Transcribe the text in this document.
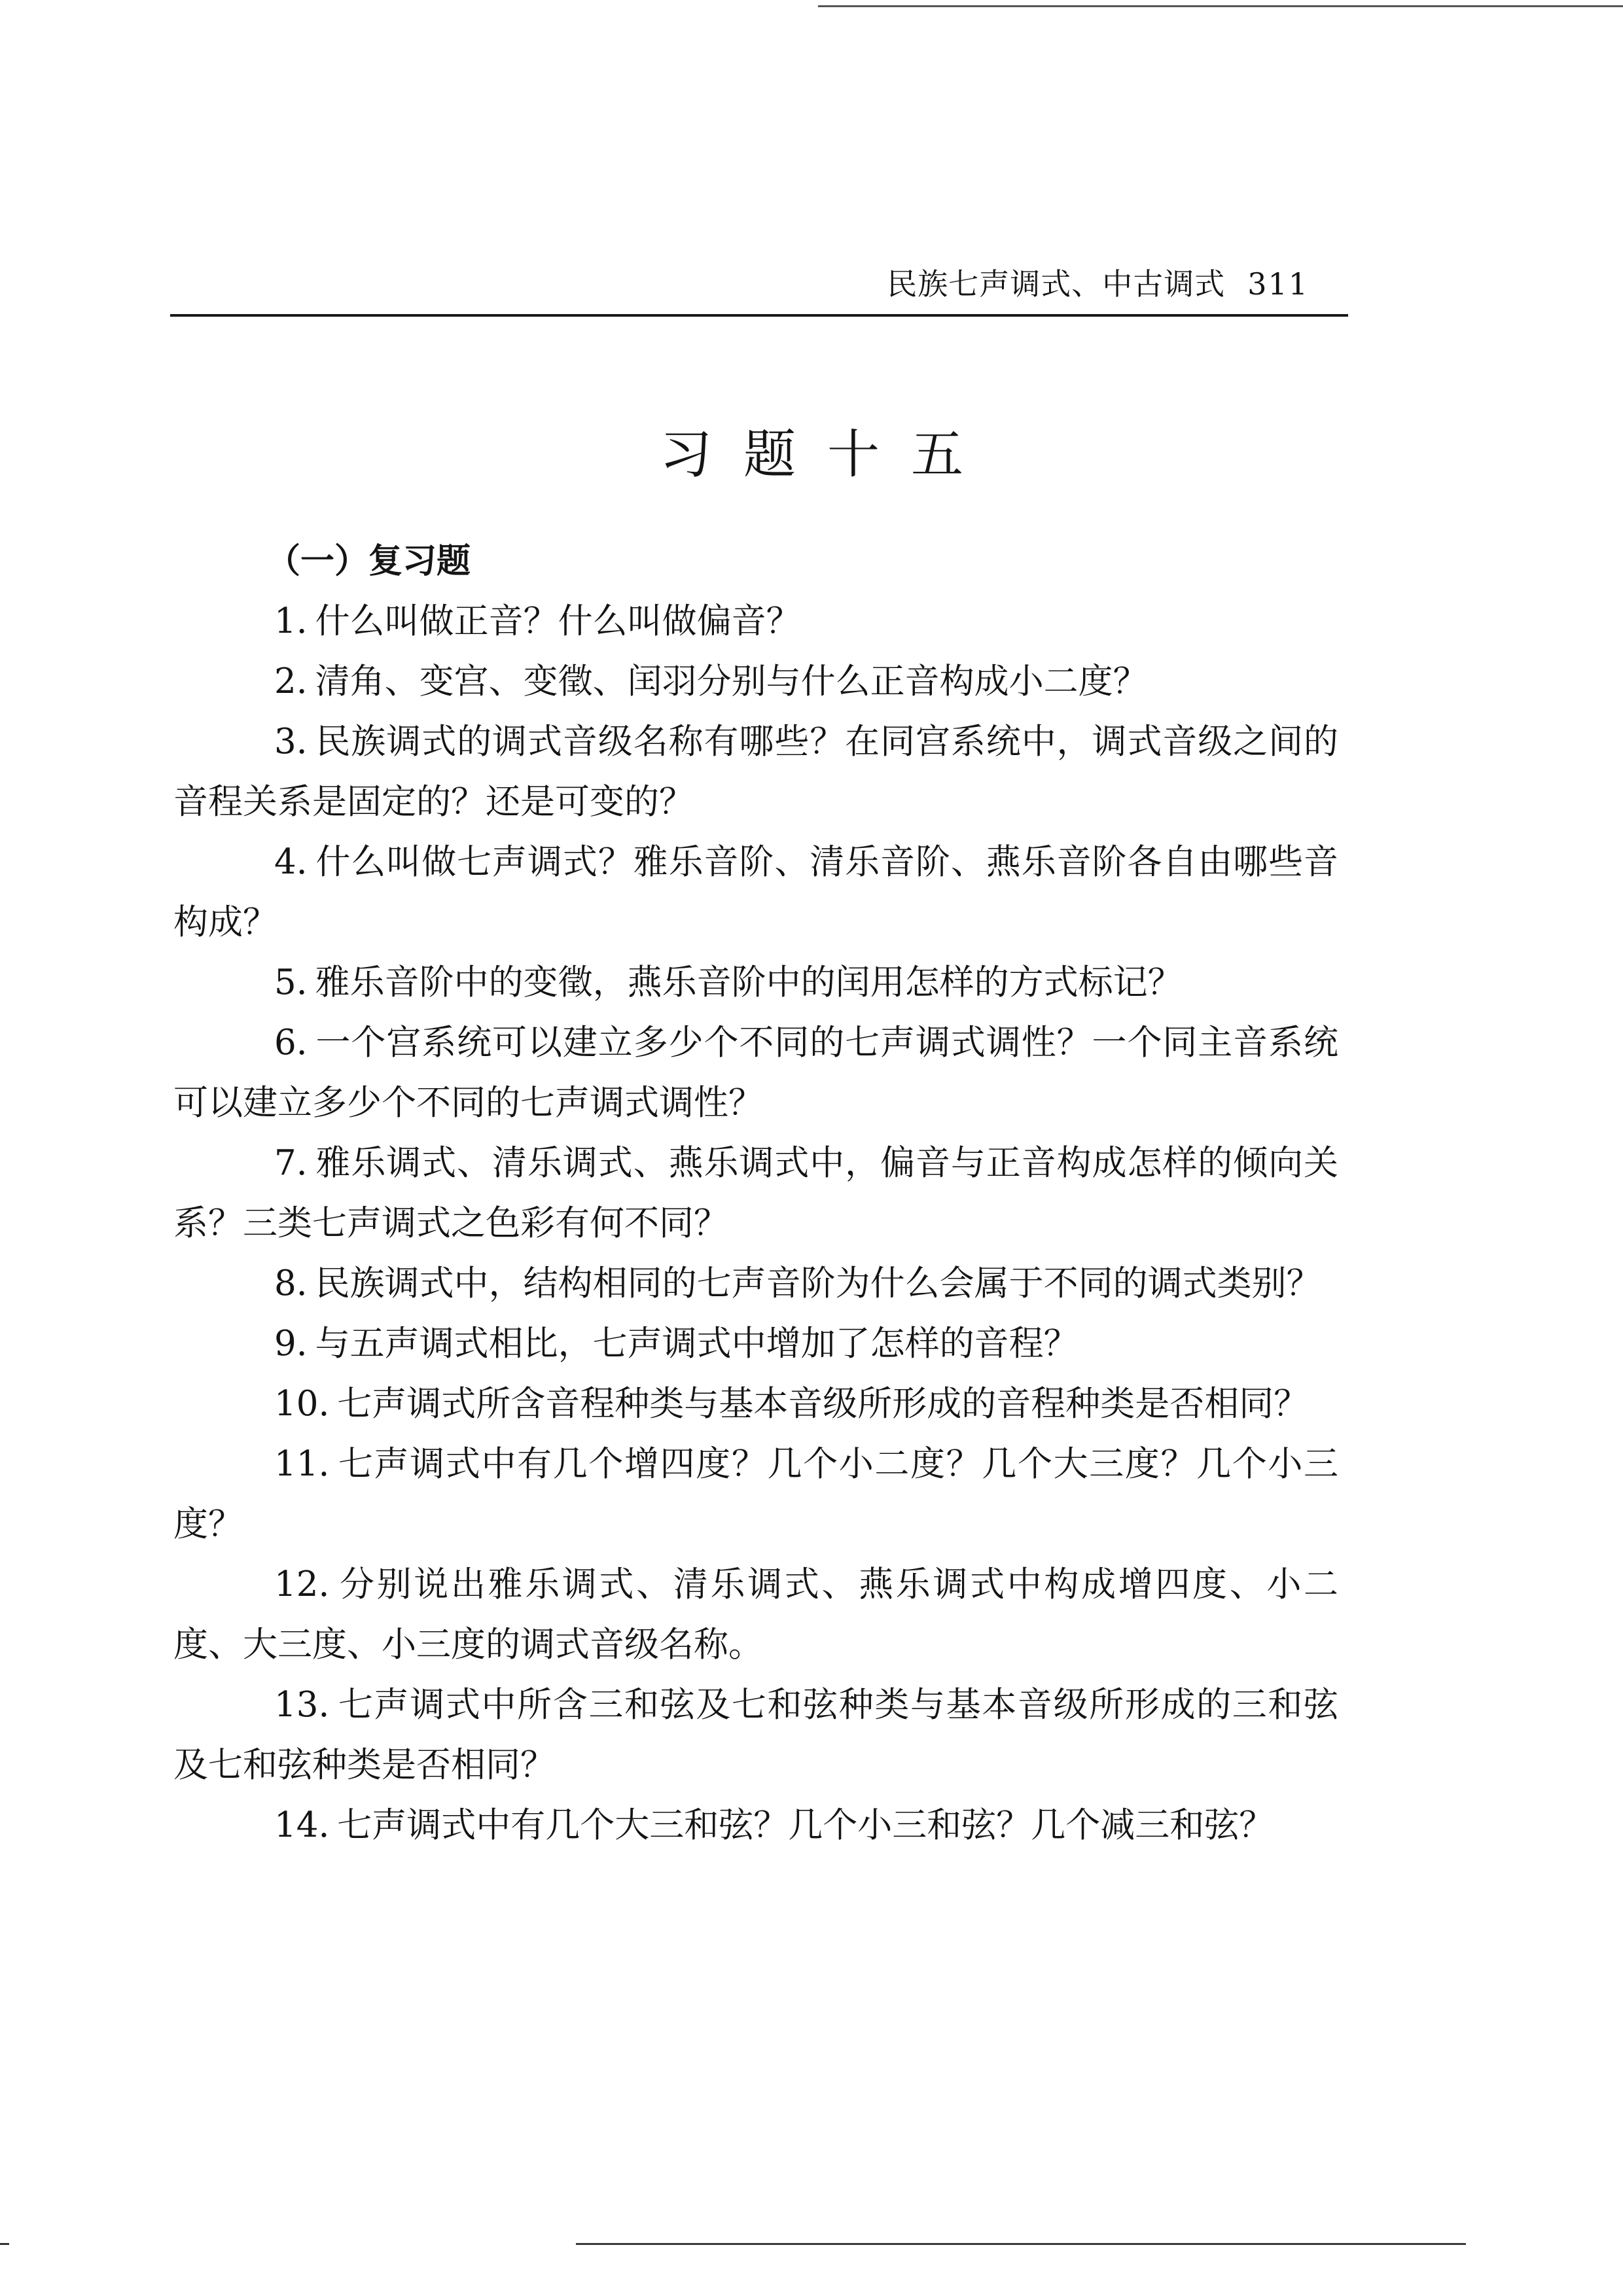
民族七声调式、中古调式 311
习题十五

（一）复习题

1. 什么叫做正音？什么叫做偏音？

2. 清角、变宫、变徵、闰羽分别与什么正音构成小二度？

3. 民族调式的调式音级名称有哪些？在同宫系统中，调式音级之间的音程关系是固定的？还是可变的？

4. 什么叫做七声调式？雅乐音阶、清乐音阶、燕乐音阶各自由哪些音构成？

5. 雅乐音阶中的变徵，燕乐音阶中的闰用怎样的方式标记？

6. 一个宫系统可以建立多少个不同的七声调式调性？一个同主音系统可以建立多少个不同的七声调式调性？

7. 雅乐调式、清乐调式、燕乐调式中，偏音与正音构成怎样的倾向关系？三类七声调式之色彩有何不同？

8. 民族调式中，结构相同的七声音阶为什么会属于不同的调式类别？

9. 与五声调式相比，七声调式中增加了怎样的音程？

10. 七声调式所含音程种类与基本音级所形成的音程种类是否相同？

11. 七声调式中有几个增四度？几个小二度？几个大三度？几个小三度？

12. 分别说出雅乐调式、清乐调式、燕乐调式中构成增四度、小二度、大三度、小三度的调式音级名称。

13. 七声调式中所含三和弦及七和弦种类与基本音级所形成的三和弦及七和弦种类是否相同？

14. 七声调式中有几个大三和弦？几个小三和弦？几个减三和弦？
